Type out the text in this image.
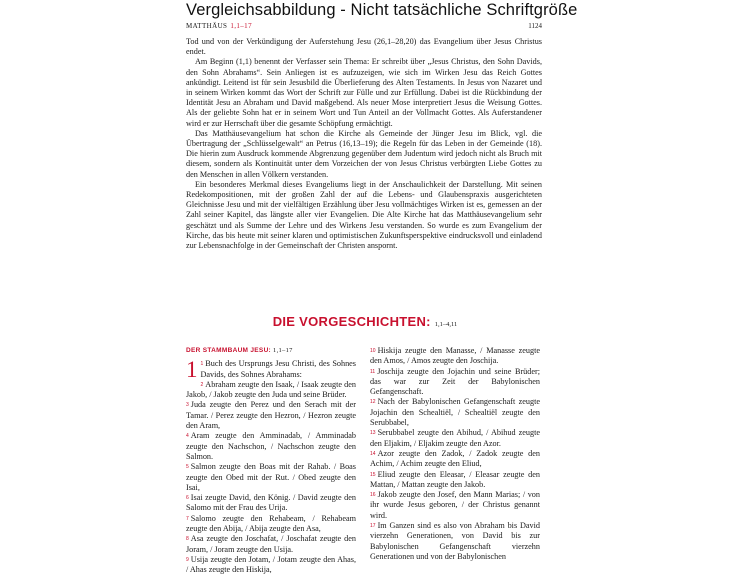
Vergleichsabbildung - Nicht tatsächliche Schriftgröße
MATTHÄUS 1,1–17	1124

Tod und von der Verkündigung der Auferstehung Jesu (26,1–28,20) das Evangelium über Jesus Christus endet.

Am Beginn (1,1) benennt der Verfasser sein Thema: Er schreibt über „Jesus Christus, den Sohn Davids, den Sohn Abrahams“. Sein Anliegen ist es aufzuzeigen, wie sich im Wirken Jesu das Reich Gottes ankündigt. Leitend ist für sein Jesusbild die Überlieferung des Alten Testaments. In Jesus von Nazaret und in seinem Wirken kommt das Wort der Schrift zur Fülle und zur Erfüllung. Dabei ist die Rückbindung der Identität Jesu an Abraham und David maßgebend. Als neuer Mose interpretiert Jesus die Weisung Gottes. Als der geliebte Sohn hat er in seinem Wort und Tun Anteil an der Vollmacht Gottes. Als Auferstandener wird er zur Herrschaft über die gesamte Schöpfung ermächtigt.

Das Matthäusevangelium hat schon die Kirche als Gemeinde der Jünger Jesu im Blick, vgl. die Übertragung der „Schlüsselgewalt“ an Petrus (16,13–19); die Regeln für das Leben in der Gemeinde (18). Die hierin zum Ausdruck kommende Abgrenzung gegenüber dem Judentum wird jedoch nicht als Bruch mit diesem, sondern als Kontinuität unter dem Vorzeichen der von Jesus Christus verbürgten Liebe Gottes zu den Menschen in allen Völkern verstanden.

Ein besonderes Merkmal dieses Evangeliums liegt in der Anschaulichkeit der Darstellung. Mit seinen Redekompositionen, mit der großen Zahl der auf die Lebens- und Glaubenspraxis ausgerichteten Gleichnisse Jesu und mit der vielfältigen Erzählung über Jesu vollmächtiges Wirken ist es, gemessen an der Zahl seiner Kapitel, das längste aller vier Evangelien. Die Alte Kirche hat das Matthäusevangelium sehr geschätzt und als Summe der Lehre und des Wirkens Jesu verstanden. So wurde es zum Evangelium der Kirche, das bis heute mit seiner klaren und optimistischen Zukunftsperspektive eindrucksvoll und einladend zur Lebensnachfolge in der Gemeinschaft der Christen anspornt.

DIE VORGESCHICHTEN: 1,1–4,11
DER STAMMBAUM JESU: 1,1–17

1 1 Buch des Ursprungs Jesu Christi, des Sohnes Davids, des Sohnes Abrahams:

2 Abraham zeugte den Isaak, / Isaak zeugte den Jakob, / Jakob zeugte den Juda und seine Brüder.

3 Juda zeugte den Perez und den Serach mit der Tamar. / Perez zeugte den Hezron, / Hezron zeugte den Aram,

4 Aram zeugte den Amminadab, / Amminadab zeugte den Nachschon, / Nachschon zeugte den Salmon.

5 Salmon zeugte den Boas mit der Rahab. / Boas zeugte den Obed mit der Rut. / Obed zeugte den Isai,

6 Isai zeugte David, den König. / David zeugte den Salomo mit der Frau des Urija.

7 Salomo zeugte den Rehabeam, / Rehabeam zeugte den Abija, / Abija zeugte den Asa,

8 Asa zeugte den Joschafat, / Joschafat zeugte den Joram, / Joram zeugte den Usija.

9 Usija zeugte den Jotam, / Jotam zeugte den Ahas, / Ahas zeugte den Hiskija,

10 Hiskija zeugte den Manasse, / Manasse zeugte den Amos, / Amos zeugte den Joschija.

11 Joschija zeugte den Jojachin und seine Brüder; das war zur Zeit der Babylonischen Gefangenschaft.

12 Nach der Babylonischen Gefangenschaft zeugte Jojachin den Schealtiël, / Schealtiël zeugte den Serubbabel,

13 Serubbabel zeugte den Abihud, / Abihud zeugte den Eljakim, / Eljakim zeugte den Azor.

14 Azor zeugte den Zadok, / Zadok zeugte den Achim, / Achim zeugte den Eliud,

15 Eliud zeugte den Eleasar, / Eleasar zeugte den Mattan, / Mattan zeugte den Jakob.

16 Jakob zeugte den Josef, den Mann Marias; / von ihr wurde Jesus geboren, / der Christus genannt wird.

17 Im Ganzen sind es also von Abraham bis David vierzehn Generationen, von David bis zur Babylonischen Gefangenschaft vierzehn Generationen und von der Babylonischen
